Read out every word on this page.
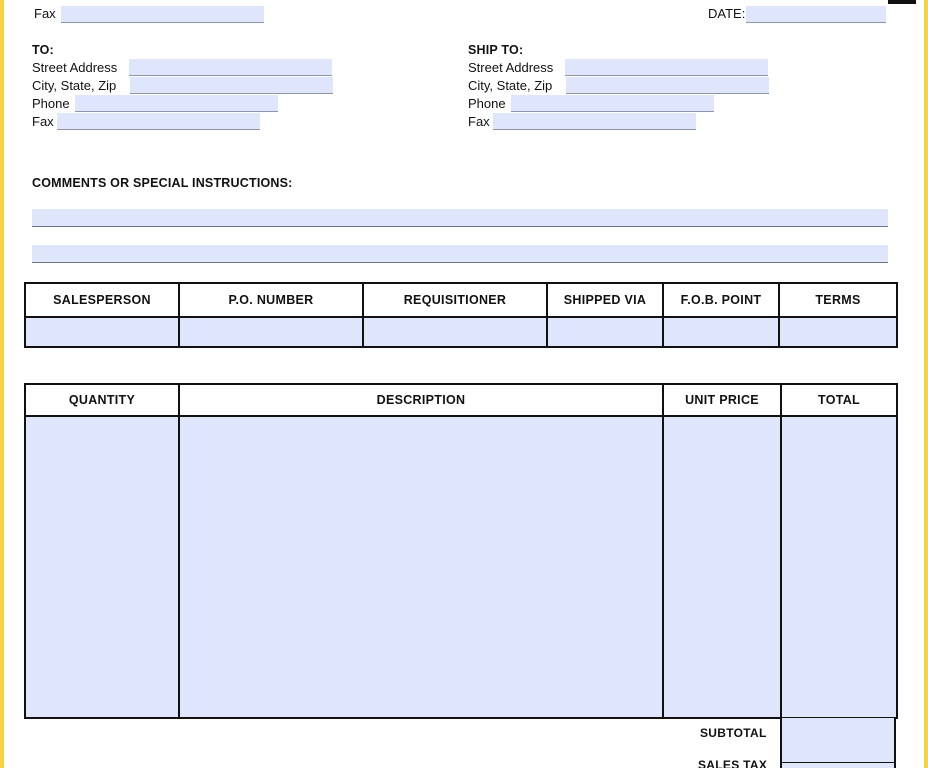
Fax	DATE:
TO:
Street Address
City, State, Zip
Phone
Fax
SHIP TO:
Street Address
City, State, Zip
Phone
Fax
COMMENTS OR SPECIAL INSTRUCTIONS:
SALESPERSON	P.O. NUMBER	REQUISITIONER	SHIPPED VIA	F.O.B. POINT	TERMS

QUANTITY	DESCRIPTION	UNIT PRICE	TOTAL

SUBTOTAL
SALES TAX
